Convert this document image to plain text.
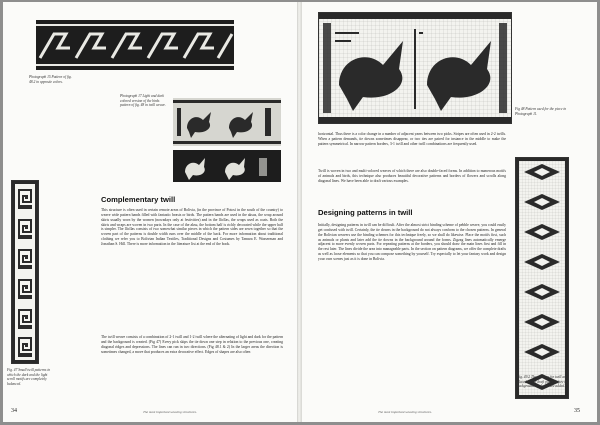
Photograph 15 Pattern of fig. 48.2 in opposite colors.

Photograph 17 Light and dark colored version of the birds pattern of fig. 48 in twill weave.

Fig. 47 Small twill patterns in which the dark and the light scroll motifs are completely balanced.

Complementary twill

This structure is often used in certain remote areas of Bolivia, (in the province of Potosí in the south of the country) to weave wide pattern bands filled with fantastic beasts or birds. The pattern bands are used in the aksus, the wrap around skirts usually worn by the women (nowadays only at festivities) and in the llicllas, the wraps used as coats. Both the skirts and wraps are woven in two parts. In the case of the aksu, the bottom half is richly decorated while the upper half is simpler. The llicllas consists of two somewhat similar pieces in which the pattern sides are sewn together so that the woven part of the patterns is double width runs over the middle of the back. For more information about traditional clothing we refer you to Bolivian Indian Textiles, Traditional Designs and Costumes by Tamara E. Wasserman and Jonathan S. Hill. There is more information in the literature list at the end of the book.

The twill weave consists of a combination of 2-1 twill and 1-2 twill where the alternating of light and dark for the pattern and the background is created. (Fig 47) Every pick skips the tie down one step in relation to the previous one, creating diagonal ridges and depressions. The lines can run in two directions. (Fig 48.1 & 2) In the larger areas the direction is sometimes changed, a move that produces an extra decorative effect. Edges of shapes are also often

34	The most important weaving structures.

Fig 48 Pattern used for the piece in Photograph 11.

horizontal. Thus there is a color change in a number of adjacent yarns between two picks. Stripes are often used in 2-2 twills. When a pattern demands, tie downs sometimes disappear, or two ties are paired for instance in the middle to make the pattern symmetrical. In narrow pattern borders, 3-1 twill and other twill combinations are frequently used.

Twill is woven in two and multi-colored weaves of which there are also double-faced forms. In addition to numerous motifs of animals and birds, this technique also produces beautiful decorative patterns and borders of flowers and scrolls along diagonal lines. We have been able to draft various examples.

Designing patterns in twill

Initially, designing patterns in twill can be difficult. After the almost strict binding scheme of pebble weave, you could easily get confused with twill. Certainly, the tie downs in the background do not always conform to the chosen patterns. In general the Bolivian weavers use the binding schemes for this technique freely, so we shall do likewise. Place the motifs first, such as animals or plants and later add the tie downs in the background around the forms. Zigzag lines automatically emerge adjacent to more evenly woven parts. For repeating patterns at the borders, you should draw the main lines first and fill in the rest later. The lines divide the area into manageable parts. In the section on pattern diagrams, we offer the complete drafts as well as loose elements so that you can compose something by yourself. Try especially to let your fantasy work and design your own scenes just as it is done in Bolivia.

Fig. 49.2 The patterns for twill are placed on the draft paper before the background tie-downs are added.

The most important weaving structures.	35
